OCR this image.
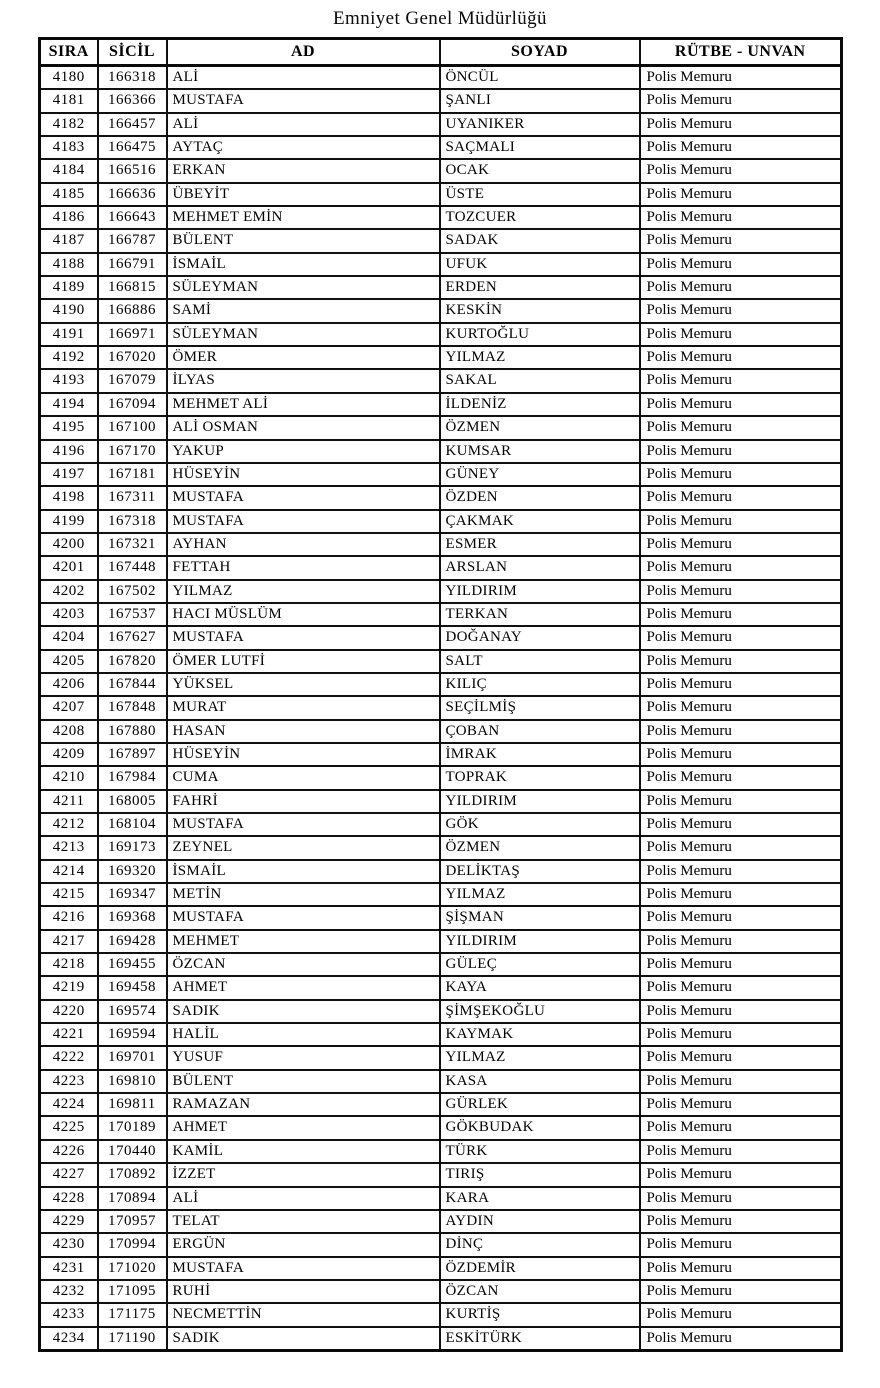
Emniyet Genel Müdürlüğü
SIRA	SİCİL	AD	SOYAD	RÜTBE - UNVAN
4180	166318	ALİ	ÖNCÜL	Polis Memuru
4181	166366	MUSTAFA	ŞANLI	Polis Memuru
4182	166457	ALİ	UYANIKER	Polis Memuru
4183	166475	AYTAÇ	SAÇMALI	Polis Memuru
4184	166516	ERKAN	OCAK	Polis Memuru
4185	166636	ÜBEYİT	ÜSTE	Polis Memuru
4186	166643	MEHMET EMİN	TOZCUER	Polis Memuru
4187	166787	BÜLENT	SADAK	Polis Memuru
4188	166791	İSMAİL	UFUK	Polis Memuru
4189	166815	SÜLEYMAN	ERDEN	Polis Memuru
4190	166886	SAMİ	KESKİN	Polis Memuru
4191	166971	SÜLEYMAN	KURTOĞLU	Polis Memuru
4192	167020	ÖMER	YILMAZ	Polis Memuru
4193	167079	İLYAS	SAKAL	Polis Memuru
4194	167094	MEHMET ALİ	İLDENİZ	Polis Memuru
4195	167100	ALİ OSMAN	ÖZMEN	Polis Memuru
4196	167170	YAKUP	KUMSAR	Polis Memuru
4197	167181	HÜSEYİN	GÜNEY	Polis Memuru
4198	167311	MUSTAFA	ÖZDEN	Polis Memuru
4199	167318	MUSTAFA	ÇAKMAK	Polis Memuru
4200	167321	AYHAN	ESMER	Polis Memuru
4201	167448	FETTAH	ARSLAN	Polis Memuru
4202	167502	YILMAZ	YILDIRIM	Polis Memuru
4203	167537	HACI MÜSLÜM	TERKAN	Polis Memuru
4204	167627	MUSTAFA	DOĞANAY	Polis Memuru
4205	167820	ÖMER LUTFİ	SALT	Polis Memuru
4206	167844	YÜKSEL	KILIÇ	Polis Memuru
4207	167848	MURAT	SEÇİLMİŞ	Polis Memuru
4208	167880	HASAN	ÇOBAN	Polis Memuru
4209	167897	HÜSEYİN	İMRAK	Polis Memuru
4210	167984	CUMA	TOPRAK	Polis Memuru
4211	168005	FAHRİ	YILDIRIM	Polis Memuru
4212	168104	MUSTAFA	GÖK	Polis Memuru
4213	169173	ZEYNEL	ÖZMEN	Polis Memuru
4214	169320	İSMAİL	DELİKTAŞ	Polis Memuru
4215	169347	METİN	YILMAZ	Polis Memuru
4216	169368	MUSTAFA	ŞİŞMAN	Polis Memuru
4217	169428	MEHMET	YILDIRIM	Polis Memuru
4218	169455	ÖZCAN	GÜLEÇ	Polis Memuru
4219	169458	AHMET	KAYA	Polis Memuru
4220	169574	SADIK	ŞİMŞEKOĞLU	Polis Memuru
4221	169594	HALİL	KAYMAK	Polis Memuru
4222	169701	YUSUF	YILMAZ	Polis Memuru
4223	169810	BÜLENT	KASA	Polis Memuru
4224	169811	RAMAZAN	GÜRLEK	Polis Memuru
4225	170189	AHMET	GÖKBUDAK	Polis Memuru
4226	170440	KAMİL	TÜRK	Polis Memuru
4227	170892	İZZET	TIRIŞ	Polis Memuru
4228	170894	ALİ	KARA	Polis Memuru
4229	170957	TELAT	AYDIN	Polis Memuru
4230	170994	ERGÜN	DİNÇ	Polis Memuru
4231	171020	MUSTAFA	ÖZDEMİR	Polis Memuru
4232	171095	RUHİ	ÖZCAN	Polis Memuru
4233	171175	NECMETTİN	KURTİŞ	Polis Memuru
4234	171190	SADIK	ESKİTÜRK	Polis Memuru
